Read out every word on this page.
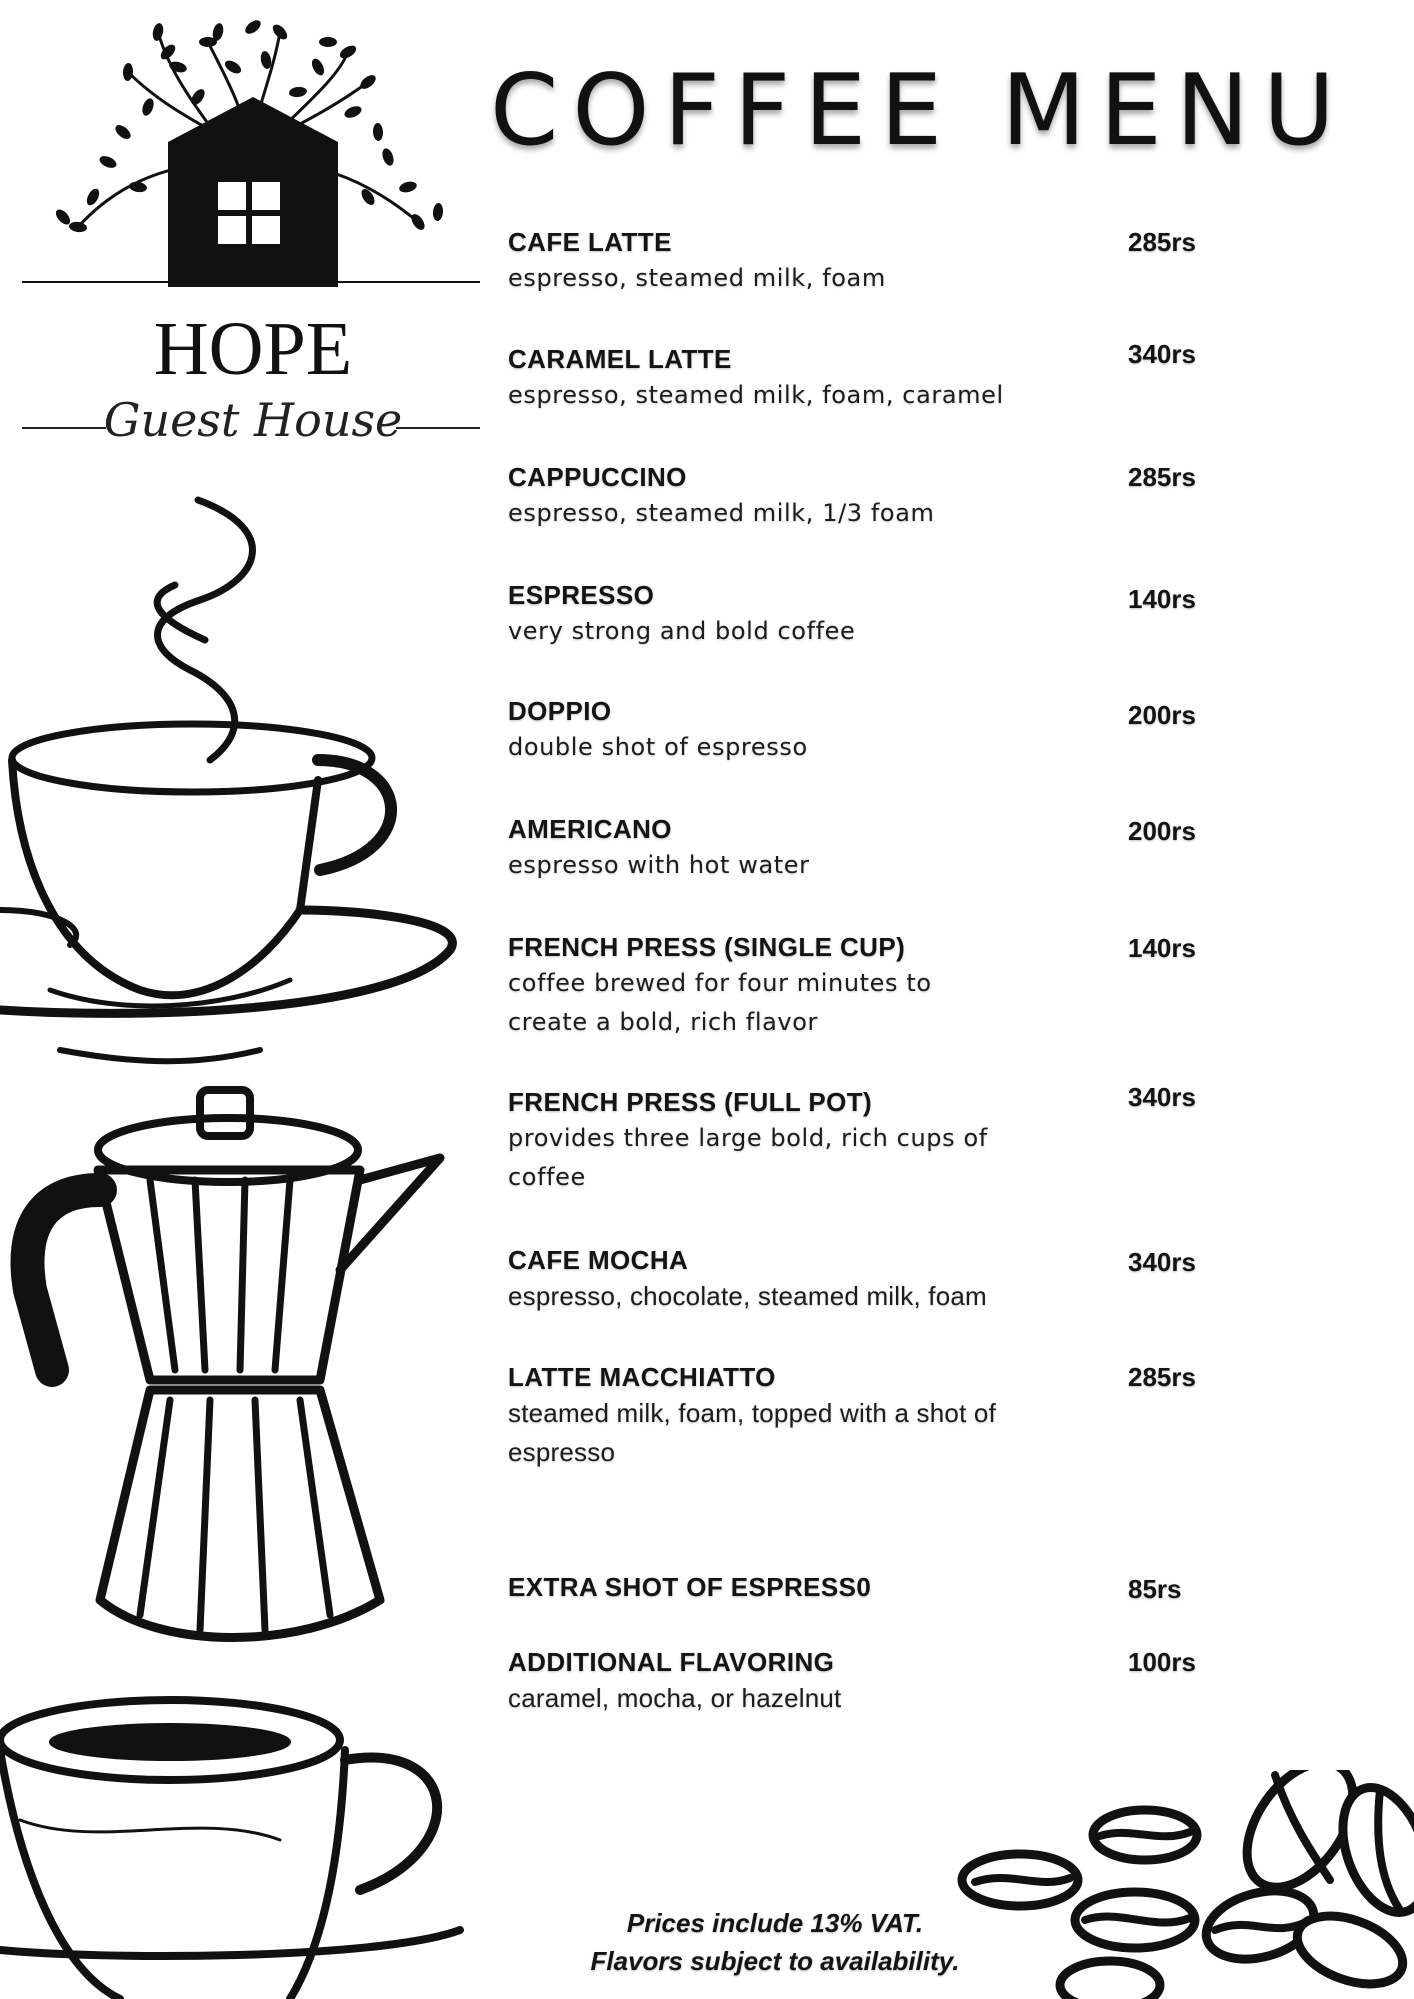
HOPE
Guest House
COFFEE MENU
CAFE LATTE
espresso, steamed milk, foam
285rs
CARAMEL LATTE
espresso, steamed milk, foam, caramel
340rs
CAPPUCCINO
espresso, steamed milk, 1/3 foam
285rs
ESPRESSO
very strong and bold coffee
140rs
DOPPIO
double shot of espresso
200rs
AMERICANO
espresso with hot water
200rs
FRENCH PRESS (SINGLE CUP)
coffee brewed for four minutes to create a bold, rich flavor
140rs
FRENCH PRESS (FULL POT)
provides three large bold, rich cups of coffee
340rs
CAFE MOCHA
espresso, chocolate, steamed milk, foam
340rs
LATTE MACCHIATTO
steamed milk, foam, topped with a shot of espresso
285rs
EXTRA SHOT OF ESPRESS0	85rs
ADDITIONAL FLAVORING
caramel, mocha, or hazelnut
100rs
Prices include 13% VAT.
Flavors subject to availability.
